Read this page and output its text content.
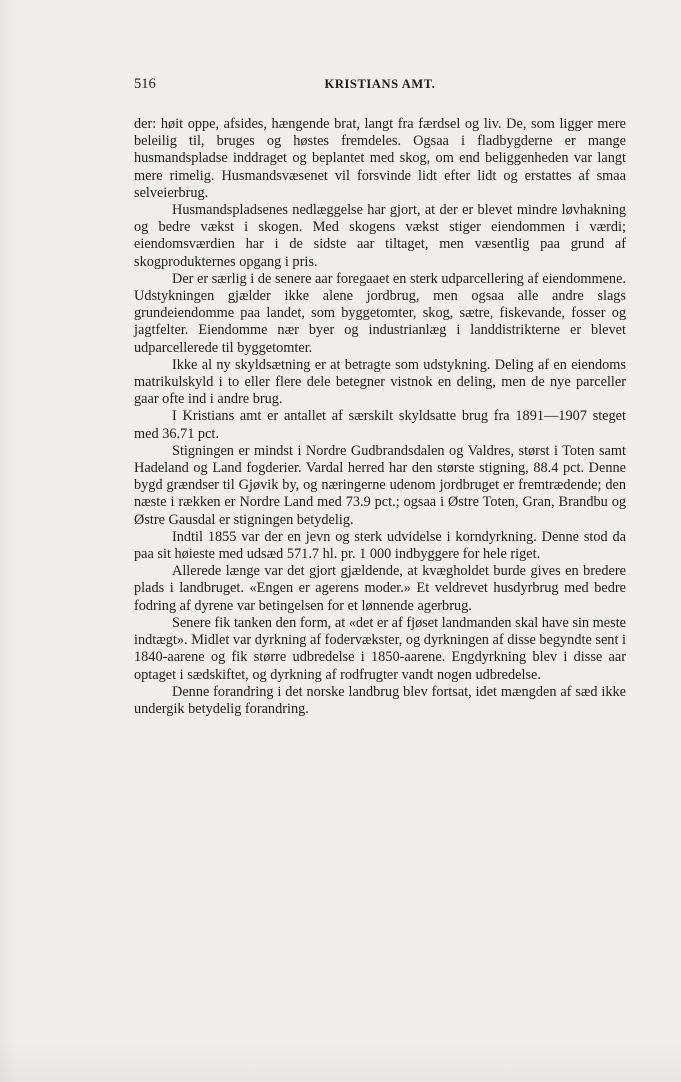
516	KRISTIANS AMT.

der: høit oppe, afsides, hængende brat, langt fra færdsel og liv. De, som ligger mere beleilig til, bruges og høstes fremdeles. Ogsaa i fladbygderne er mange husmandspladse inddraget og beplantet med skog, om end beliggenheden var langt mere rimelig. Husmandsvæsenet vil forsvinde lidt efter lidt og erstattes af smaa selveierbrug.

Husmandspladsenes nedlæggelse har gjort, at der er blevet mindre løvhakning og bedre vækst i skogen. Med skogens vækst stiger eiendommen i værdi; eiendomsværdien har i de sidste aar tiltaget, men væsentlig paa grund af skogprodukternes opgang i pris.

Der er særlig i de senere aar foregaaet en sterk udparcellering af eiendommene. Udstykningen gjælder ikke alene jordbrug, men ogsaa alle andre slags grundeiendomme paa landet, som byggetomter, skog, sætre, fiskevande, fosser og jagtfelter. Eiendomme nær byer og industrianlæg i landdistrikterne er blevet udparcellerede til byggetomter.

Ikke al ny skyldsætning er at betragte som udstykning. Deling af en eiendoms matrikulskyld i to eller flere dele betegner vistnok en deling, men de nye parceller gaar ofte ind i andre brug.

I Kristians amt er antallet af særskilt skyldsatte brug fra 1891—1907 steget med 36.71 pct.

Stigningen er mindst i Nordre Gudbrandsdalen og Valdres, størst i Toten samt Hadeland og Land fogderier. Vardal herred har den største stigning, 88.4 pct. Denne bygd grændser til Gjøvik by, og næringerne udenom jordbruget er fremtrædende; den næste i rækken er Nordre Land med 73.9 pct.; ogsaa i Østre Toten, Gran, Brandbu og Østre Gausdal er stigningen betydelig.

Indtil 1855 var der en jevn og sterk udvidelse i korndyrkning. Denne stod da paa sit høieste med udsæd 571.7 hl. pr. 1 000 indbyggere for hele riget.

Allerede længe var det gjort gjældende, at kvægholdet burde gives en bredere plads i landbruget. «Engen er agerens moder.» Et veldrevet husdyrbrug med bedre fodring af dyrene var betingelsen for et lønnende agerbrug.

Senere fik tanken den form, at «det er af fjøset landmanden skal have sin meste indtægt». Midlet var dyrkning af fodervækster, og dyrkningen af disse begyndte sent i 1840-aarene og fik større udbredelse i 1850-aarene. Engdyrkning blev i disse aar optaget i sædskiftet, og dyrkning af rodfrugter vandt nogen udbredelse.

Denne forandring i det norske landbrug blev fortsat, idet mængden af sæd ikke undergik betydelig forandring.
